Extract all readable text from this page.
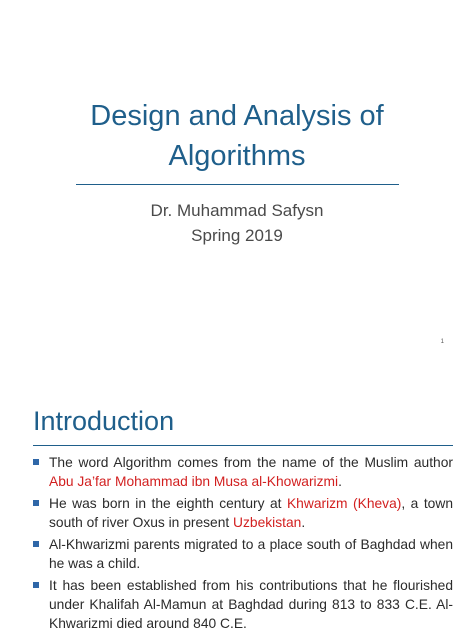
Design and Analysis of
Algorithms
Dr. Muhammad Safysn
Spring 2019
1
Introduction
The word Algorithm comes from the name of the Muslim author Abu Ja’far Mohammad ibn Musa al-Khowarizmi.
He was born in the eighth century at Khwarizm (Kheva), a town south of river Oxus in present Uzbekistan.
Al-Khwarizmi parents migrated to a place south of Baghdad when he was a child.
It has been established from his contributions that he flourished under Khalifah Al-Mamun at Baghdad during 813 to 833 C.E. Al-Khwarizmi died around 840 C.E.
